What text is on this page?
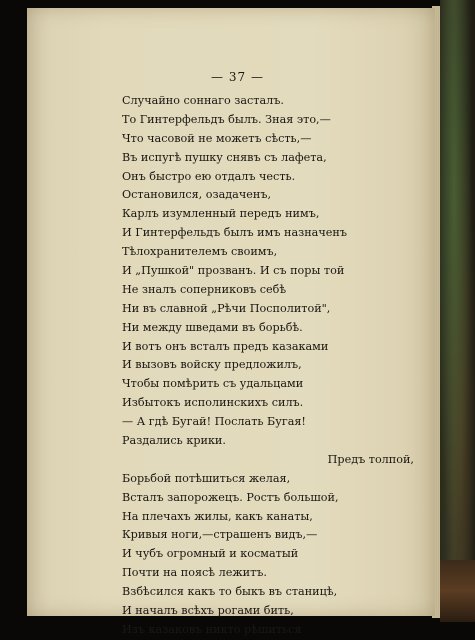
— 37 —
Случайно соннаго засталъ.
То Гинтерфельдъ былъ. Зная это,—
Что часовой не можетъ сѣсть,—
Въ испугѣ пушку снявъ съ лафета,
Онъ быстро ею отдалъ честь.
Остановился, озадаченъ,
Карлъ изумленный передъ нимъ,
И Гинтерфельдъ былъ имъ назначенъ
Тѣлохранителемъ своимъ,
И „Пушкой" прозванъ. И съ поры той
Не зналъ соперниковъ себѣ
Ни въ славной „Рѣчи Посполитой",
Ни между шведами въ борьбѣ.
И вотъ онъ всталъ предъ казаками
И вызовъ войску предложилъ,
Чтобы помѣрить съ удальцами
Избытокъ исполинскихъ силъ.
— А гдѣ Бугай! Послать Бугая!
Раздались крики.
Предъ толпой,
Борьбой потѣшиться желая,
Всталъ запорожецъ. Ростъ большой,
На плечахъ жилы, какъ канаты,
Кривыя ноги,—страшенъ видъ,—
И чубъ огромный и косматый
Почти на поясѣ лежитъ.
Взбѣсился какъ то быкъ въ станицѣ,
И началъ всѣхъ рогами бить,
Изъ казаковъ никто рѣшиться
